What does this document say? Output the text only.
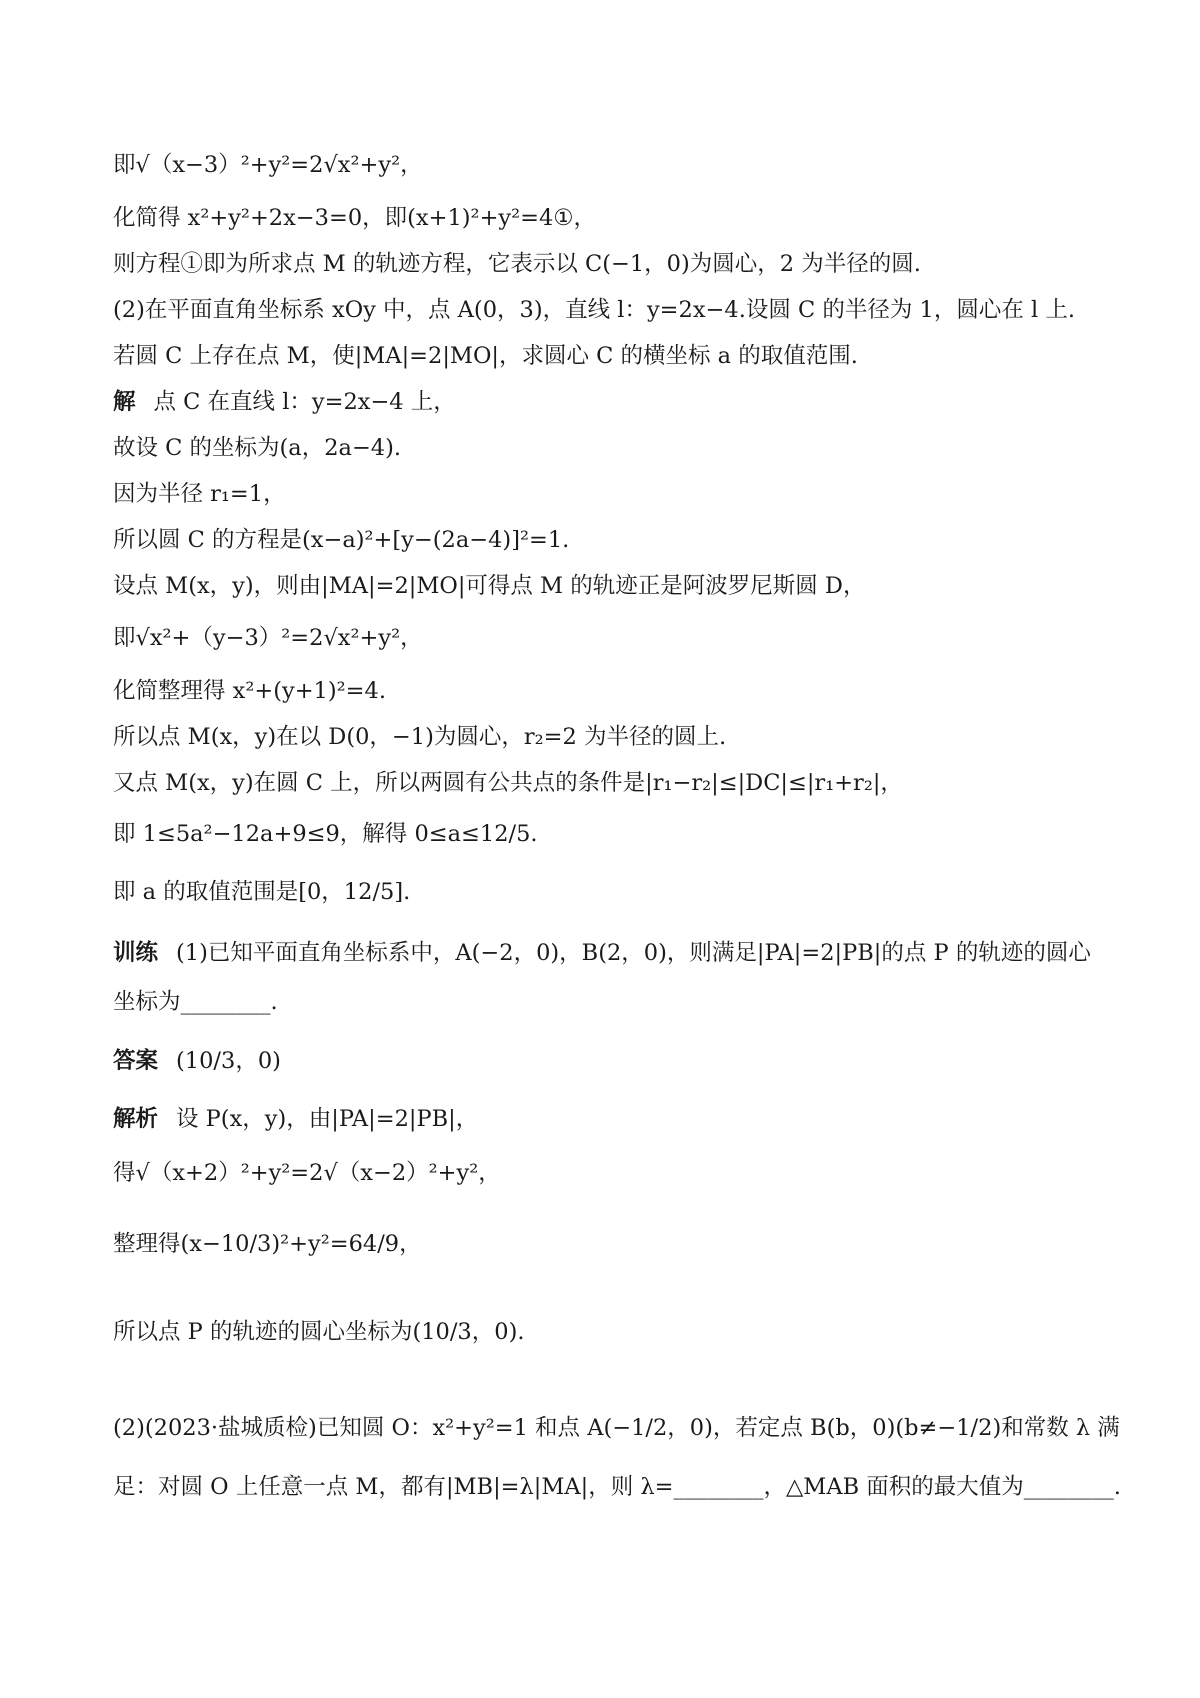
即√（x−3）²+y²=2√x²+y²，
化简得 x²+y²+2x−3=0，即(x+1)²+y²=4①，
则方程①即为所求点 M 的轨迹方程，它表示以 C(−1，0)为圆心，2 为半径的圆.
(2)在平面直角坐标系 xOy 中，点 A(0，3)，直线 l：y=2x−4.设圆 C 的半径为 1，圆心在 l 上.
若圆 C 上存在点 M，使|MA|=2|MO|，求圆心 C 的横坐标 a 的取值范围.
解 点 C 在直线 l：y=2x−4 上，
故设 C 的坐标为(a，2a−4).
因为半径 r₁=1，
所以圆 C 的方程是(x−a)²+[y−(2a−4)]²=1.
设点 M(x，y)，则由|MA|=2|MO|可得点 M 的轨迹正是阿波罗尼斯圆 D，
即√x²+（y−3）²=2√x²+y²，
化简整理得 x²+(y+1)²=4.
所以点 M(x，y)在以 D(0，−1)为圆心，r₂=2 为半径的圆上.
又点 M(x，y)在圆 C 上，所以两圆有公共点的条件是|r₁−r₂|≤|DC|≤|r₁+r₂|，
即 1≤5a²−12a+9≤9，解得 0≤a≤12/5.
即 a 的取值范围是[0，12/5].
训练 (1)已知平面直角坐标系中，A(−2，0)，B(2，0)，则满足|PA|=2|PB|的点 P 的轨迹的圆心
坐标为________.
答案 (10/3，0)
解析 设 P(x，y)，由|PA|=2|PB|，
得√（x+2）²+y²=2√（x−2）²+y²，
整理得(x−10/3)²+y²=64/9，
所以点 P 的轨迹的圆心坐标为(10/3，0).
(2)(2023·盐城质检)已知圆 O：x²+y²=1 和点 A(−1/2，0)，若定点 B(b，0)(b≠−1/2)和常数 λ 满
足：对圆 O 上任意一点 M，都有|MB|=λ|MA|，则 λ=________，△MAB 面积的最大值为________.
